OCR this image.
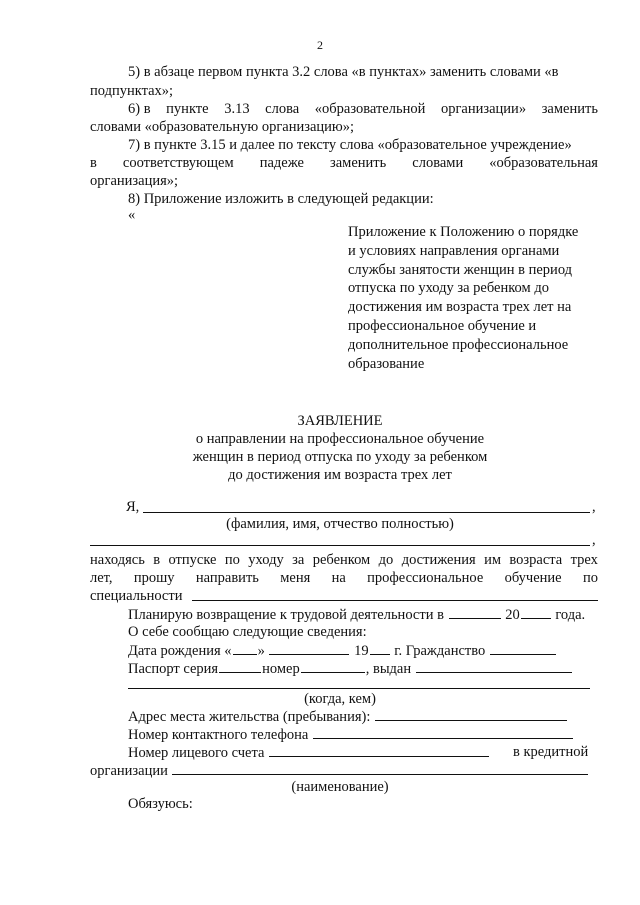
2
5) в абзаце первом пункта 3.2 слова «в пунктах» заменить словами «в
подпунктах»;
6) в пункте 3.13 слова «образовательной организации» заменить
словами «образовательную организацию»;
7) в пункте 3.15 и далее по тексту слова «образовательное учреждение»
в соответствующем падеже заменить словами «образовательная
организация»;
8) Приложение изложить в следующей редакции:
«
Приложение к Положению о порядке
и условиях направления органами
службы занятости женщин в период
отпуска по уходу за ребенком до
достижения им возраста трех лет на
профессиональное обучение и
дополнительное профессиональное
образование
ЗАЯВЛЕНИЕ
о направлении на профессиональное обучение
женщин в период отпуска по уходу за ребенком
до достижения им возраста трех лет
Я,	,
(фамилия, имя, отчество полностью)
,
находясь в отпуске по уходу за ребенком до достижения им возраста трех
лет, прошу направить меня на профессиональное обучение по
специальности
Планирую возвращение к трудовой деятельности в	20 года.
О себе сообщаю следующие сведения:
Дата рождения « »	19 г. Гражданство
Паспорт серия	номер	, выдан
(когда, кем)
Адрес места жительства (пребывания):
Номер контактного телефона
Номер лицевого счета	в кредитной
организации
(наименование)
Обязуюсь:
